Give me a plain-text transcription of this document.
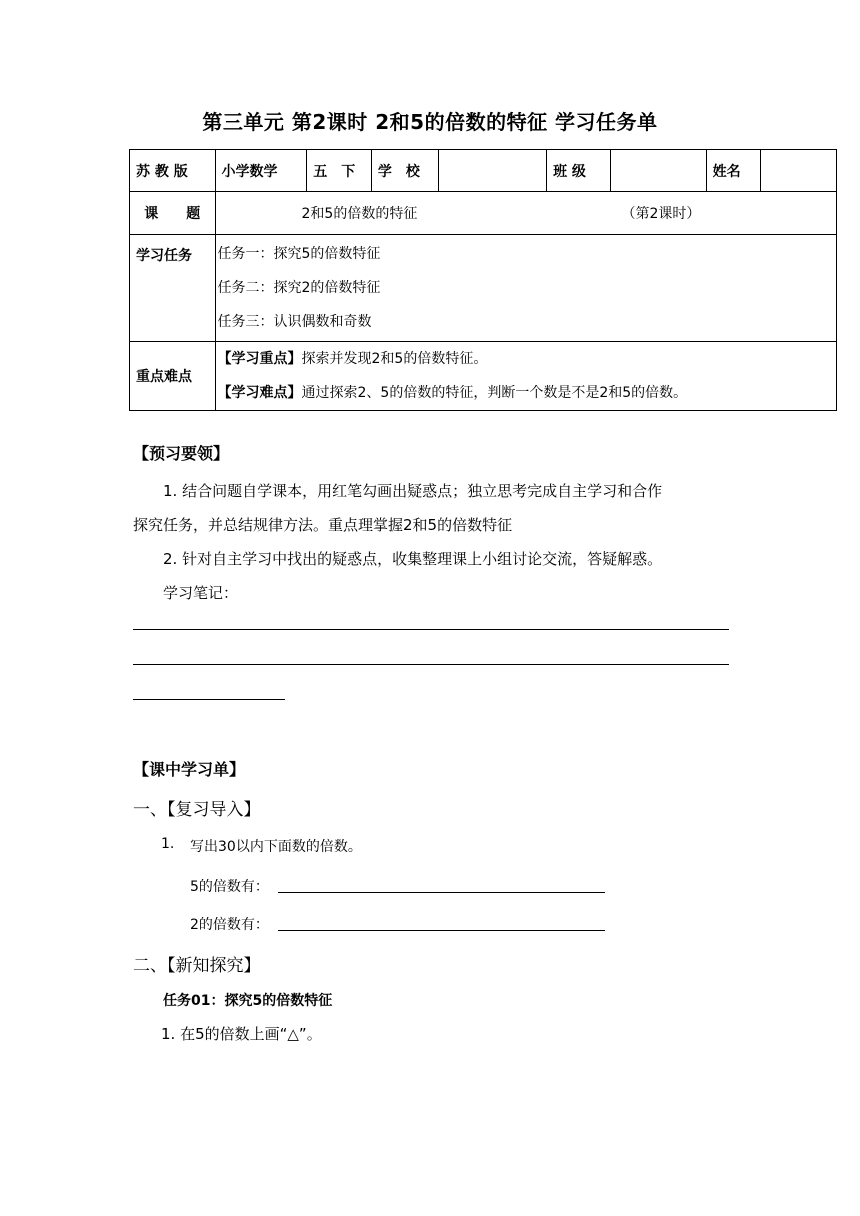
第三单元 第2课时 2和5的倍数的特征 学习任务单
苏 教 版	小学数学	五　下	学　校		班 级		姓名	
课　　题	2和5的倍数的特征 （第2课时）							
学习任务	任务一：探究5的倍数特征
任务二：探究2的倍数特征
任务三：认识偶数和奇数							

重点难点	【学习重点】探索并发现2和5的倍数特征。
【学习难点】通过探索2、5的倍数的特征，判断一个数是不是2和5的倍数。							
【预习要领】
1. 结合问题自学课本，用红笔勾画出疑惑点；独立思考完成自主学习和合作
探究任务，并总结规律方法。重点理掌握2和5的倍数特征
2. 针对自主学习中找出的疑惑点，收集整理课上小组讨论交流，答疑解惑。
学习笔记：
【课中学习单】
一、【复习导入】
1. 写出30以内下面数的倍数。
5的倍数有：
2的倍数有：
二、【新知探究】
任务01：探究5的倍数特征
1. 在5的倍数上画“△”。
